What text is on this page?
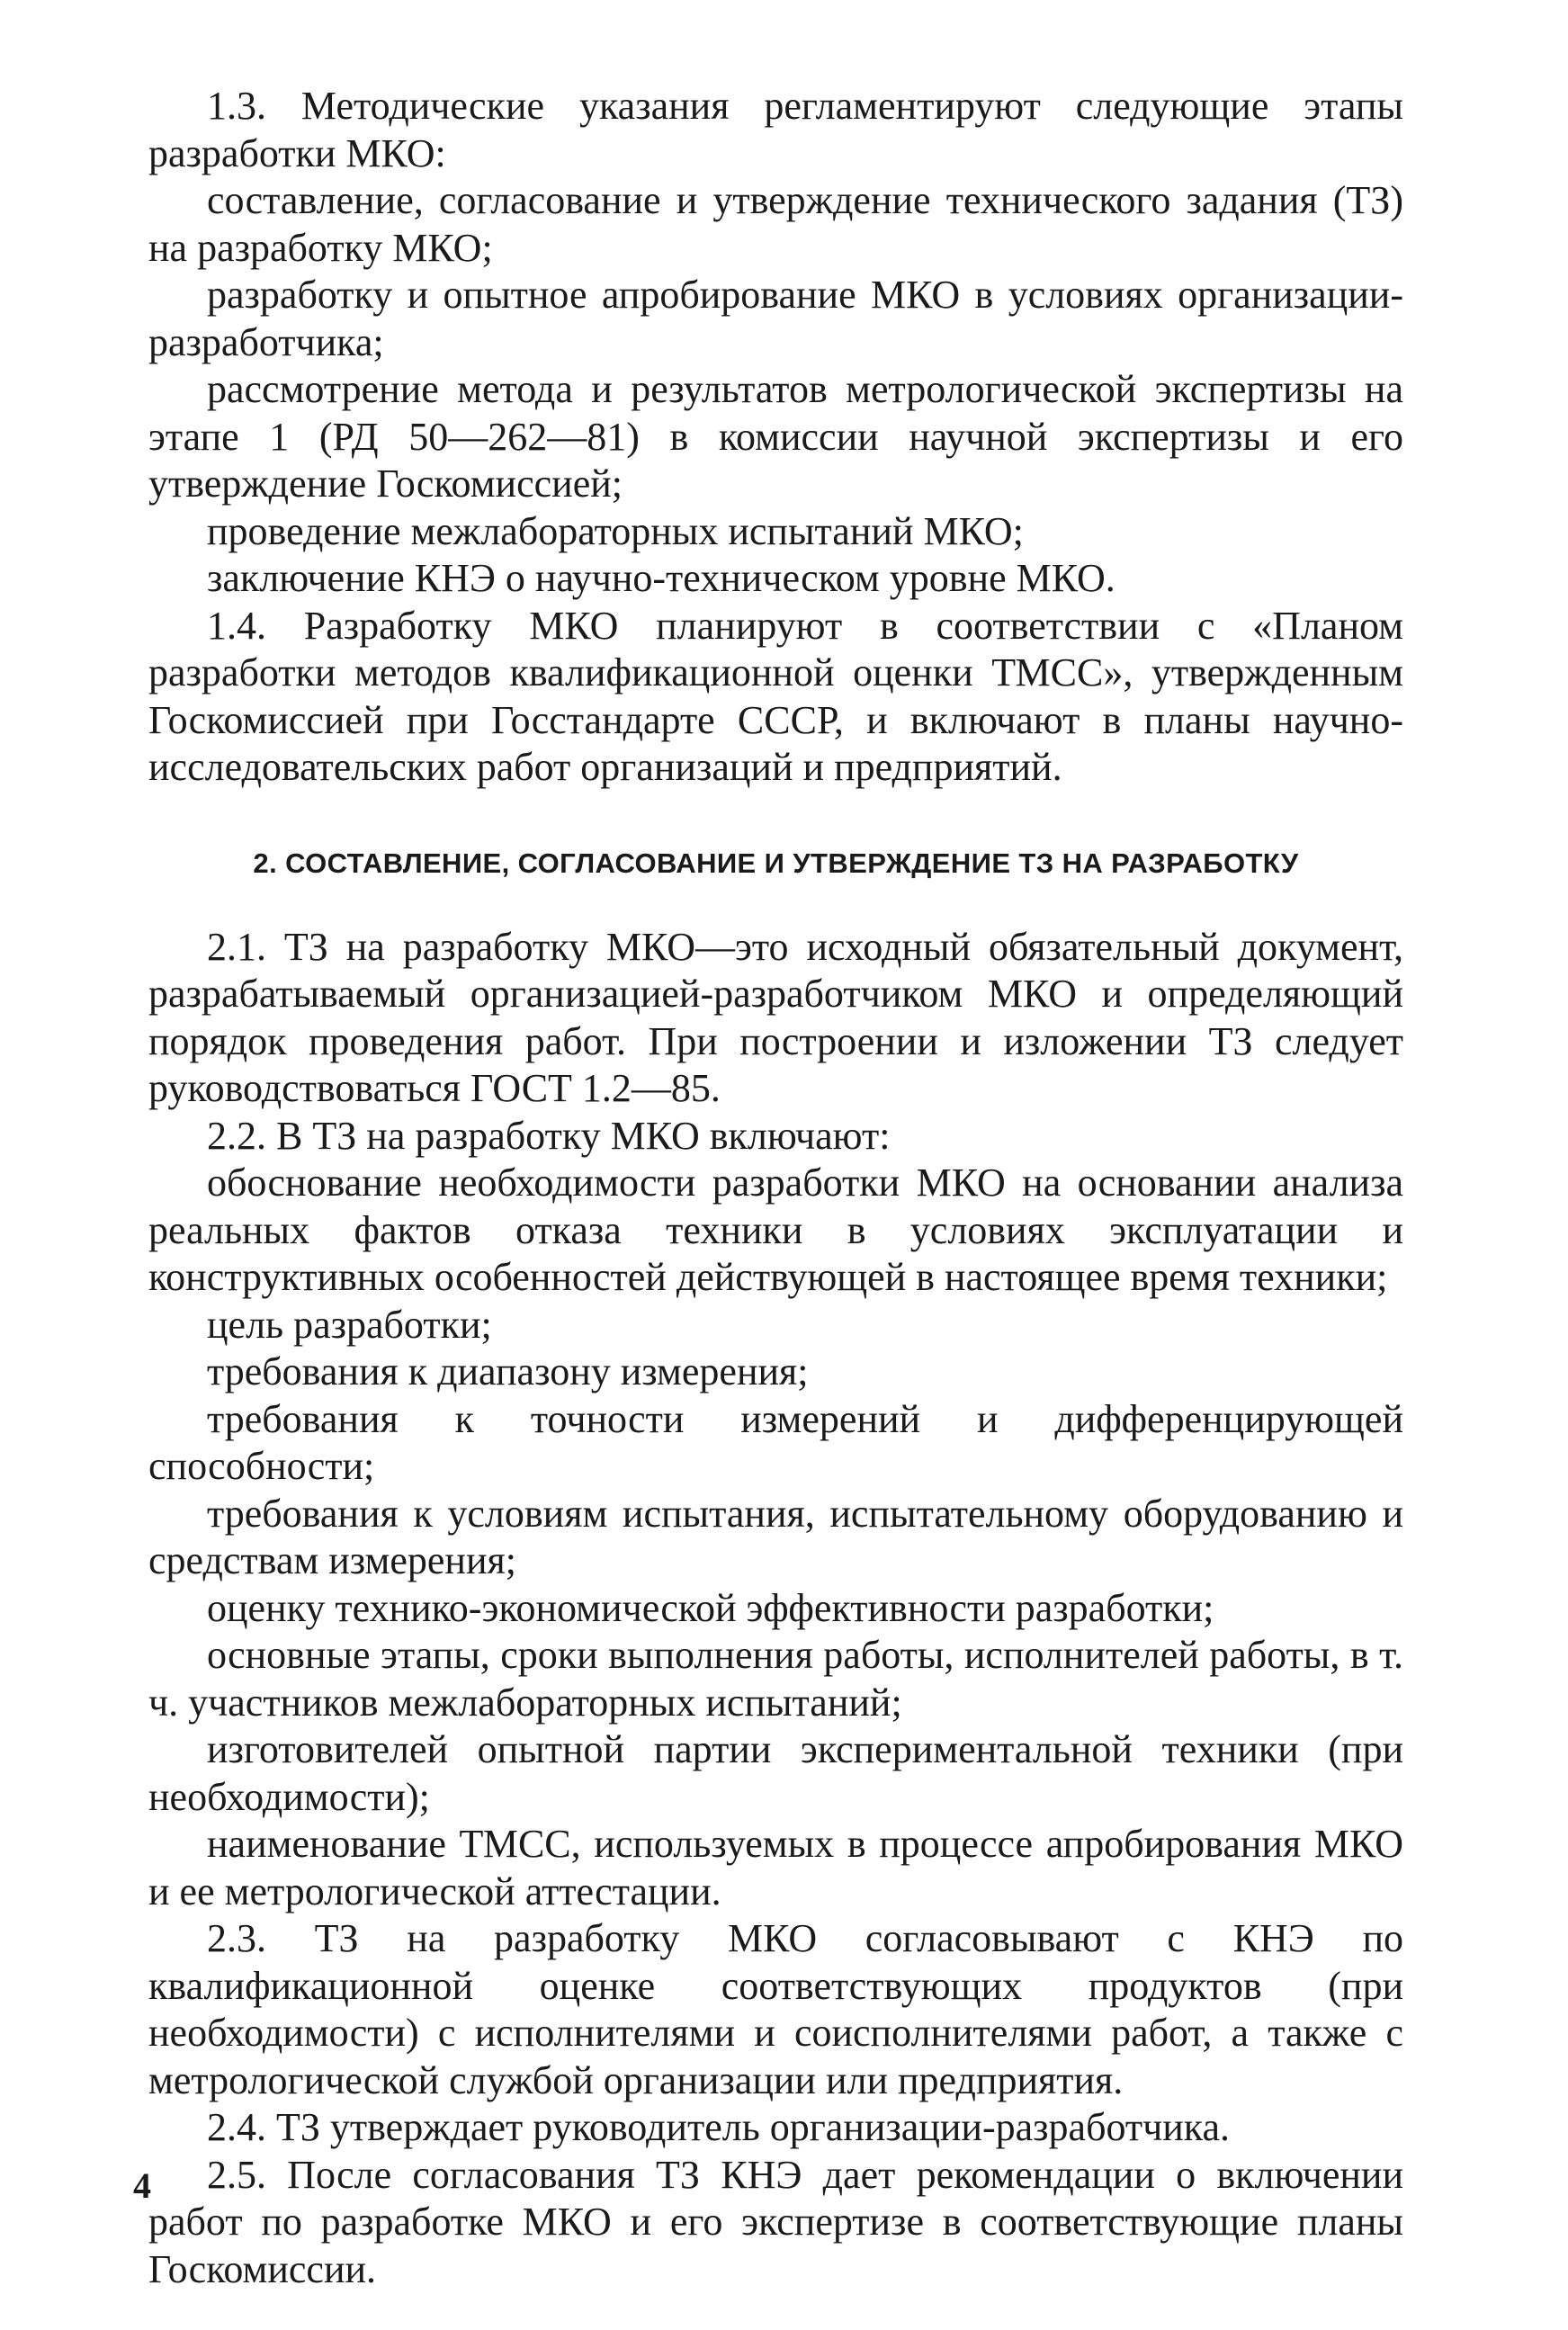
1.3. Методические указания регламентируют следующие этапы разработки МКО:

составление, согласование и утверждение технического задания (ТЗ) на разработку МКО;

разработку и опытное апробирование МКО в условиях организации-разработчика;

рассмотрение метода и результатов метрологической экспертизы на этапе 1 (РД 50—262—81) в комиссии научной экспертизы и его утверждение Госкомиссией;

проведение межлабораторных испытаний МКО;

заключение КНЭ о научно-техническом уровне МКО.

1.4. Разработку МКО планируют в соответствии с «Планом разработки методов квалификационной оценки ТМСС», утвержденным Госкомиссией при Госстандарте СССР, и включают в планы научно-исследовательских работ организаций и предприятий.

2. СОСТАВЛЕНИЕ, СОГЛАСОВАНИЕ И УТВЕРЖДЕНИЕ ТЗ НА РАЗРАБОТКУ

2.1. ТЗ на разработку МКО—это исходный обязательный документ, разрабатываемый организацией-разработчиком МКО и определяющий порядок проведения работ. При построении и изложении ТЗ следует руководствоваться ГОСТ 1.2—85.

2.2. В ТЗ на разработку МКО включают:

обоснование необходимости разработки МКО на основании анализа реальных фактов отказа техники в условиях эксплуатации и конструктивных особенностей действующей в настоящее время техники;

цель разработки;

требования к диапазону измерения;

требования к точности измерений и дифференцирующей способности;

требования к условиям испытания, испытательному оборудованию и средствам измерения;

оценку технико-экономической эффективности разработки;

основные этапы, сроки выполнения работы, исполнителей работы, в т. ч. участников межлабораторных испытаний;

изготовителей опытной партии экспериментальной техники (при необходимости);

наименование ТМСС, используемых в процессе апробирования МКО и ее метрологической аттестации.

2.3. ТЗ на разработку МКО согласовывают с КНЭ по квалификационной оценке соответствующих продуктов (при необходимости) с исполнителями и соисполнителями работ, а также с метрологической службой организации или предприятия.

2.4. ТЗ утверждает руководитель организации-разработчика.

2.5. После согласования ТЗ КНЭ дает рекомендации о включении работ по разработке МКО и его экспертизе в соответствующие планы Госкомиссии.

4
